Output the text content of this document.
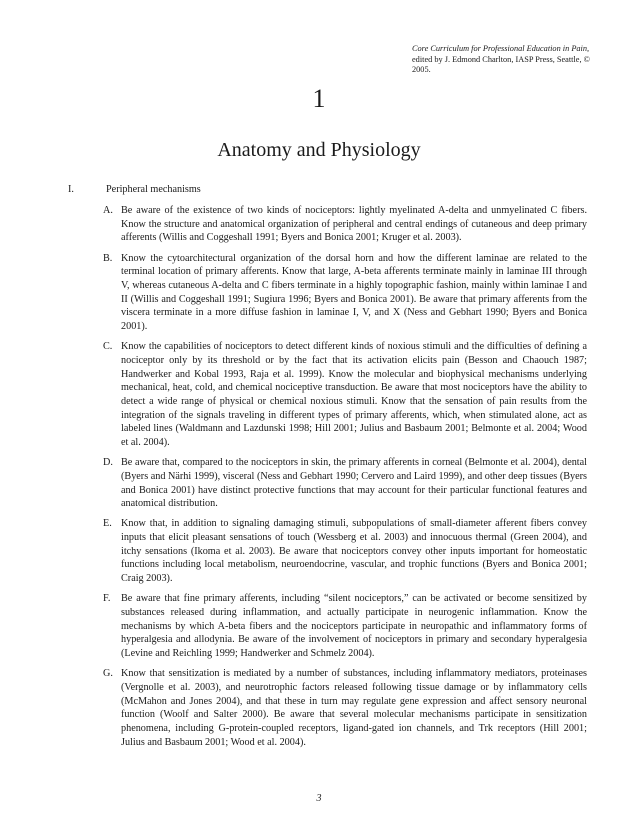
Core Curriculum for Professional Education in Pain, edited by J. Edmond Charlton, IASP Press, Seattle, © 2005.
1
Anatomy and Physiology
I.	Peripheral mechanisms
A. Be aware of the existence of two kinds of nociceptors: lightly myelinated A-delta and unmyelinated C fibers. Know the structure and anatomical organization of peripheral and central endings of cutaneous and deep primary afferents (Willis and Coggeshall 1991; Byers and Bonica 2001; Kruger et al. 2003).
B. Know the cytoarchitectural organization of the dorsal horn and how the different laminae are related to the terminal location of primary afferents. Know that large, A-beta afferents terminate mainly in laminae III through V, whereas cutaneous A-delta and C fibers terminate in a highly topographic fashion, mainly within laminae I and II (Willis and Coggeshall 1991; Sugiura 1996; Byers and Bonica 2001). Be aware that primary afferents from the viscera terminate in a more diffuse fashion in laminae I, V, and X (Ness and Gebhart 1990; Byers and Bonica 2001).
C. Know the capabilities of nociceptors to detect different kinds of noxious stimuli and the difficulties of defining a nociceptor only by its threshold or by the fact that its activation elicits pain (Besson and Chaouch 1987; Handwerker and Kobal 1993, Raja et al. 1999). Know the molecular and biophysical mechanisms underlying mechanical, heat, cold, and chemical nociceptive transduction. Be aware that most nociceptors have the ability to detect a wide range of physical or chemical noxious stimuli. Know that the sensation of pain results from the integration of the signals traveling in different types of primary afferents, which, when stimulated alone, act as labeled lines (Waldmann and Lazdunski 1998; Hill 2001; Julius and Basbaum 2001; Belmonte et al. 2004; Wood et al. 2004).
D. Be aware that, compared to the nociceptors in skin, the primary afferents in corneal (Belmonte et al. 2004), dental (Byers and Närhi 1999), visceral (Ness and Gebhart 1990; Cervero and Laird 1999), and other deep tissues (Byers and Bonica 2001) have distinct protective functions that may account for their particular functional features and anatomical distribution.
E. Know that, in addition to signaling damaging stimuli, subpopulations of small-diameter afferent fibers convey inputs that elicit pleasant sensations of touch (Wessberg et al. 2003) and innocuous thermal (Green 2004), and itchy sensations (Ikoma et al. 2003). Be aware that nociceptors convey other inputs important for homeostatic functions including local metabolism, neuroendocrine, vascular, and trophic functions (Byers and Bonica 2001; Craig 2003).
F. Be aware that fine primary afferents, including “silent nociceptors,” can be activated or become sensitized by substances released during inflammation, and actually participate in neurogenic inflammation. Know the mechanisms by which A-beta fibers and the nociceptors participate in neuropathic and inflammatory forms of hyperalgesia and allodynia. Be aware of the involvement of nociceptors in primary and secondary hyperalgesia (Levine and Reichling 1999; Handwerker and Schmelz 2004).
G. Know that sensitization is mediated by a number of substances, including inflammatory mediators, proteinases (Vergnolle et al. 2003), and neurotrophic factors released following tissue damage or by inflammatory cells (McMahon and Jones 2004), and that these in turn may regulate gene expression and affect sensory neuronal function (Woolf and Salter 2000). Be aware that several molecular mechanisms participate in sensitization phenomena, including G-protein-coupled receptors, ligand-gated ion channels, and Trk receptors (Hill 2001; Julius and Basbaum 2001; Wood et al. 2004).
3
